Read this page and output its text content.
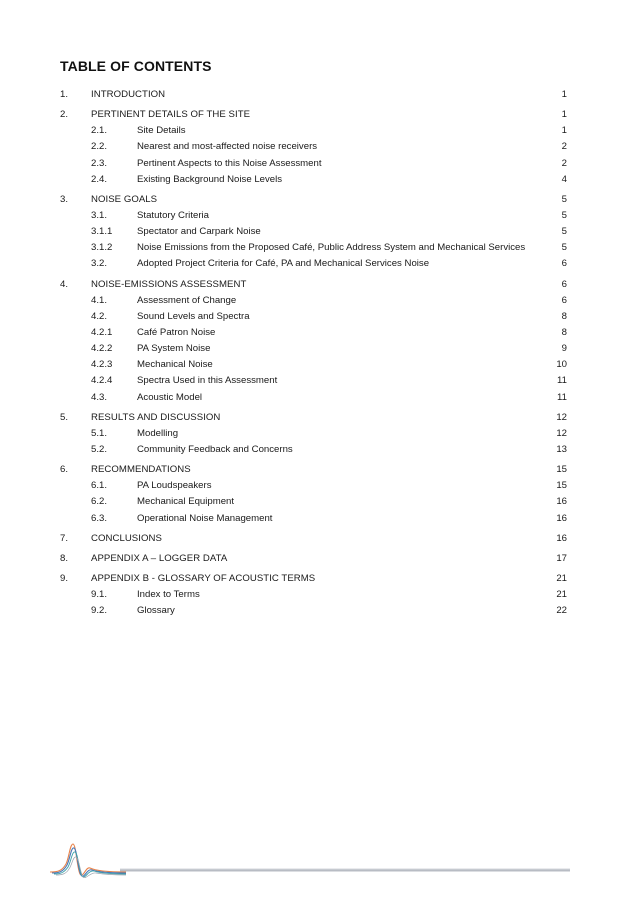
TABLE OF CONTENTS
1. INTRODUCTION	1
2. PERTINENT DETAILS OF THE SITE	1
2.1.	Site Details	1
2.2.	Nearest and most-affected noise receivers	2
2.3.	Pertinent Aspects to this Noise Assessment	2
2.4.	Existing Background Noise Levels	4
3. NOISE GOALS	5
3.1.	Statutory Criteria	5
3.1.1	Spectator and Carpark Noise	5
3.1.2	Noise Emissions from the Proposed Café, Public Address System and Mechanical Services	5
3.2.	Adopted Project Criteria for Café, PA and Mechanical Services Noise	6
4. NOISE-EMISSIONS ASSESSMENT	6
4.1.	Assessment of Change	6
4.2.	Sound Levels and Spectra	8
4.2.1	Café Patron Noise	8
4.2.2	PA System Noise	9
4.2.3	Mechanical Noise	10
4.2.4	Spectra Used in this Assessment	11
4.3.	Acoustic Model	11
5. RESULTS AND DISCUSSION	12
5.1.	Modelling	12
5.2.	Community Feedback and Concerns	13
6. RECOMMENDATIONS	15
6.1.	PA Loudspeakers	15
6.2.	Mechanical Equipment	16
6.3.	Operational Noise Management	16
7. CONCLUSIONS	16
8. APPENDIX A – LOGGER DATA	17
9. APPENDIX B - GLOSSARY OF ACOUSTIC TERMS	21
9.1.	Index to Terms	21
9.2.	Glossary	22
